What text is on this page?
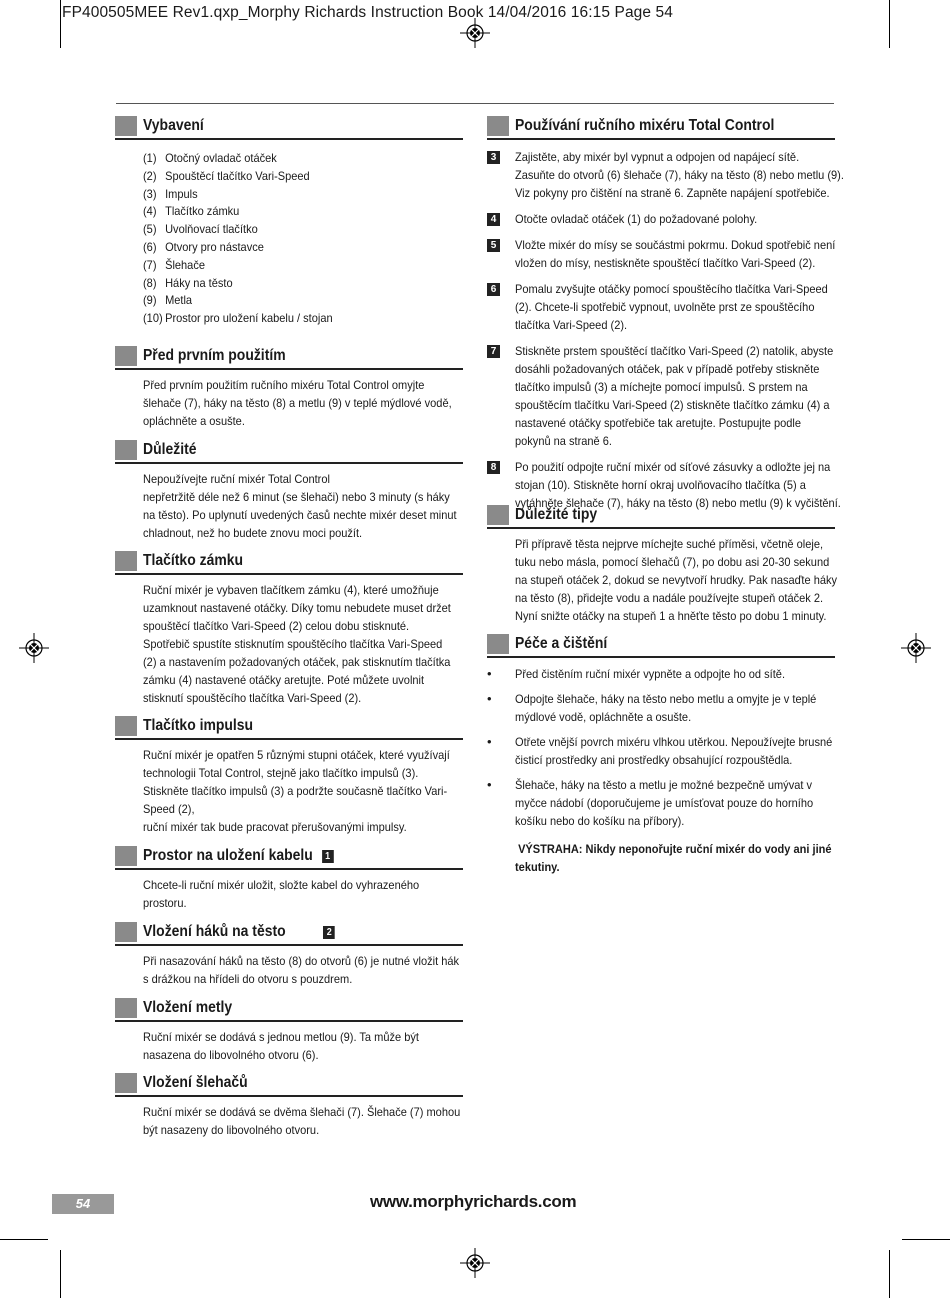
FP400505MEE Rev1.qxp_Morphy Richards Instruction Book 14/04/2016 16:15 Page 54
Vybavení
(1) Otočný ovladač otáček
(2) Spouštěcí tlačítko Vari-Speed
(3) Impuls
(4) Tlačítko zámku
(5) Uvolňovací tlačítko
(6) Otvory pro nástavce
(7) Šlehače
(8) Háky na těsto
(9) Metla
(10) Prostor pro uložení kabelu / stojan
Před prvním použitím
Před prvním použitím ručního mixéru Total Control omyjte
šlehače (7), háky na těsto (8) a metlu (9) v teplé mýdlové vodě,
opláchněte a osušte.
Důležité
Nepoužívejte ruční mixér Total Control
nepřetržitě déle než 6 minut (se šlehači) nebo 3 minuty (s háky
na těsto). Po uplynutí uvedených časů nechte mixér deset minut
chladnout, než ho budete znovu moci použít.
Tlačítko zámku
Ruční mixér je vybaven tlačítkem zámku (4), které umožňuje
uzamknout nastavené otáčky. Díky tomu nebudete muset držet
spouštěcí tlačítko Vari-Speed (2) celou dobu stisknuté.
Spotřebič spustíte stisknutím spouštěcího tlačítka Vari-Speed
(2) a nastavením požadovaných otáček, pak stisknutím tlačítka
zámku (4) nastavené otáčky aretujte. Poté můžete uvolnit
stisknutí spouštěcího tlačítka Vari-Speed (2).
Tlačítko impulsu
Ruční mixér je opatřen 5 různými stupni otáček, které využívají
technologii Total Control, stejně jako tlačítko impulsů (3).
Stiskněte tlačítko impulsů (3) a podržte současně tlačítko Vari-
Speed (2),
ruční mixér tak bude pracovat přerušovanými impulsy.
Prostor na uložení kabelu 1
Chcete-li ruční mixér uložit, složte kabel do vyhrazeného
prostoru.
Vložení háků na těsto	2
Při nasazování háků na těsto (8) do otvorů (6) je nutné vložit hák
s drážkou na hřídeli do otvoru s pouzdrem.
Vložení metly
Ruční mixér se dodává s jednou metlou (9). Ta může být
nasazena do libovolného otvoru (6).
Vložení šlehačů
Ruční mixér se dodává se dvěma šlehači (7). Šlehače (7) mohou
být nasazeny do libovolného otvoru.
Používání ručního mixéru Total Control
3	Zajistěte, aby mixér byl vypnut a odpojen od napájecí sítě.
Zasuňte do otvorů (6) šlehače (7), háky na těsto (8) nebo metlu (9).
Viz pokyny pro čištění na straně 6. Zapněte napájení spotřebiče.
4	Otočte ovladač otáček (1) do požadované polohy.
5	Vložte mixér do mísy se součástmi pokrmu. Dokud spotřebič není
vložen do mísy, nestiskněte spouštěcí tlačítko Vari-Speed (2).
6	Pomalu zvyšujte otáčky pomocí spouštěcího tlačítka Vari-Speed
(2). Chcete-li spotřebič vypnout, uvolněte prst ze spouštěcího
tlačítka Vari-Speed (2).
7	Stiskněte prstem spouštěcí tlačítko Vari-Speed (2) natolik, abyste
dosáhli požadovaných otáček, pak v případě potřeby stiskněte
tlačítko impulsů (3) a míchejte pomocí impulsů. S prstem na
spouštěcím tlačítku Vari-Speed (2) stiskněte tlačítko zámku (4) a
nastavené otáčky spotřebiče tak aretujte. Postupujte podle
pokynů na straně 6.
8	Po použití odpojte ruční mixér od síťové zásuvky a odložte jej na
stojan (10). Stiskněte horní okraj uvolňovacího tlačítka (5) a
vytáhněte šlehače (7), háky na těsto (8) nebo metlu (9) k vyčištění.
Důležité tipy
Při přípravě těsta nejprve míchejte suché příměsi, včetně oleje,
tuku nebo másla, pomocí šlehačů (7), po dobu asi 20-30 sekund
na stupeň otáček 2, dokud se nevytvoří hrudky. Pak nasaďte háky
na těsto (8), přidejte vodu a nadále používejte stupeň otáček 2.
Nyní snižte otáčky na stupeň 1 a hněťte těsto po dobu 1 minuty.
Péče a čištění
• Před čistěním ruční mixér vypněte a odpojte ho od sítě.
• Odpojte šlehače, háky na těsto nebo metlu a omyjte je v teplé
mýdlové vodě, opláchněte a osušte.
• Otřete vnější povrch mixéru vlhkou utěrkou. Nepoužívejte brusné
čisticí prostředky ani prostředky obsahující rozpouštědla.
• Šlehače, háky na těsto a metlu je možné bezpečně umývat v
myčce nádobí (doporučujeme je umísťovat pouze do horního
košíku nebo do košíku na příbory).
VÝSTRAHA: Nikdy neponořujte ruční mixér do vody ani jiné
tekutiny.
54	www.morphyrichards.com
